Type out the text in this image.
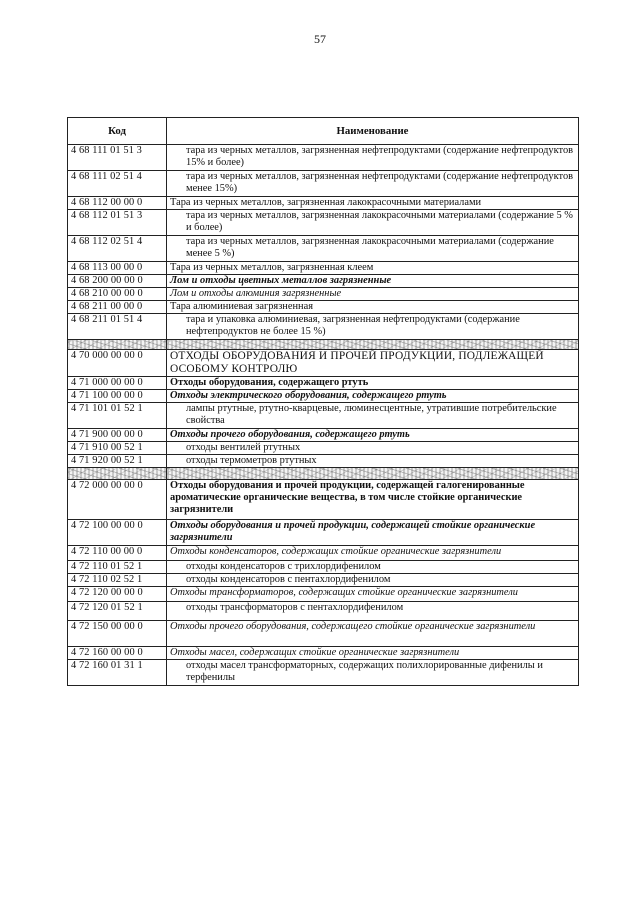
57
Код	Наименование
4 68 111 01 51 3	тара из черных металлов, загрязненная нефтепродуктами (содержание нефтепродуктов 15% и более)
4 68 111 02 51 4	тара из черных металлов, загрязненная нефтепродуктами (содержание нефтепродуктов менее 15%)
4 68 112 00 00 0	Тара из черных металлов, загрязненная лакокрасочными материалами
4 68 112 01 51 3	тара из черных металлов, загрязненная лакокрасочными материалами (содержание 5 % и более)
4 68 112 02 51 4	тара из черных металлов, загрязненная лакокрасочными материалами (содержание менее 5 %)
4 68 113 00 00 0	Тара из черных металлов, загрязненная клеем
4 68 200 00 00 0	Лом и отходы цветных металлов загрязненные
4 68 210 00 00 0	Лом и отходы алюминия загрязненные
4 68 211 00 00 0	Тара алюминиевая загрязненная
4 68 211 01 51 4	тара и упаковка алюминиевая, загрязненная нефтепродуктами (содержание нефтепродуктов не более 15 %)

4 70 000 00 00 0	ОТХОДЫ ОБОРУДОВАНИЯ И ПРОЧЕЙ ПРОДУКЦИИ, ПОДЛЕЖАЩЕЙ ОСОБОМУ КОНТРОЛЮ
4 71 000 00 00 0	Отходы оборудования, содержащего ртуть
4 71 100 00 00 0	Отходы электрического оборудования, содержащего ртуть
4 71 101 01 52 1	лампы ртутные, ртутно-кварцевые, люминесцентные, утратившие потребительские свойства
4 71 900 00 00 0	Отходы прочего оборудования, содержащего ртуть
4 71 910 00 52 1	отходы вентилей ртутных
4 71 920 00 52 1	отходы термометров ртутных

4 72 000 00 00 0	Отходы оборудования и прочей продукции, содержащей галогенированные ароматические органические вещества, в том числе стойкие органические загрязнители
4 72 100 00 00 0	Отходы оборудования и прочей продукции, содержащей стойкие органические загрязнители
4 72 110 00 00 0	Отходы конденсаторов, содержащих стойкие органические загрязнители
4 72 110 01 52 1	отходы конденсаторов с трихлордифенилом
4 72 110 02 52 1	отходы конденсаторов с пентахлордифенилом
4 72 120 00 00 0	Отходы трансформаторов, содержащих стойкие органические загрязнители
4 72 120 01 52 1	отходы трансформаторов с пентахлордифенилом
4 72 150 00 00 0	Отходы прочего оборудования, содержащего стойкие органические загрязнители
4 72 160 00 00 0	Отходы масел, содержащих стойкие органические загрязнители
4 72 160 01 31 1	отходы масел трансформаторных, содержащих полихлорированные дифенилы и терфенилы
